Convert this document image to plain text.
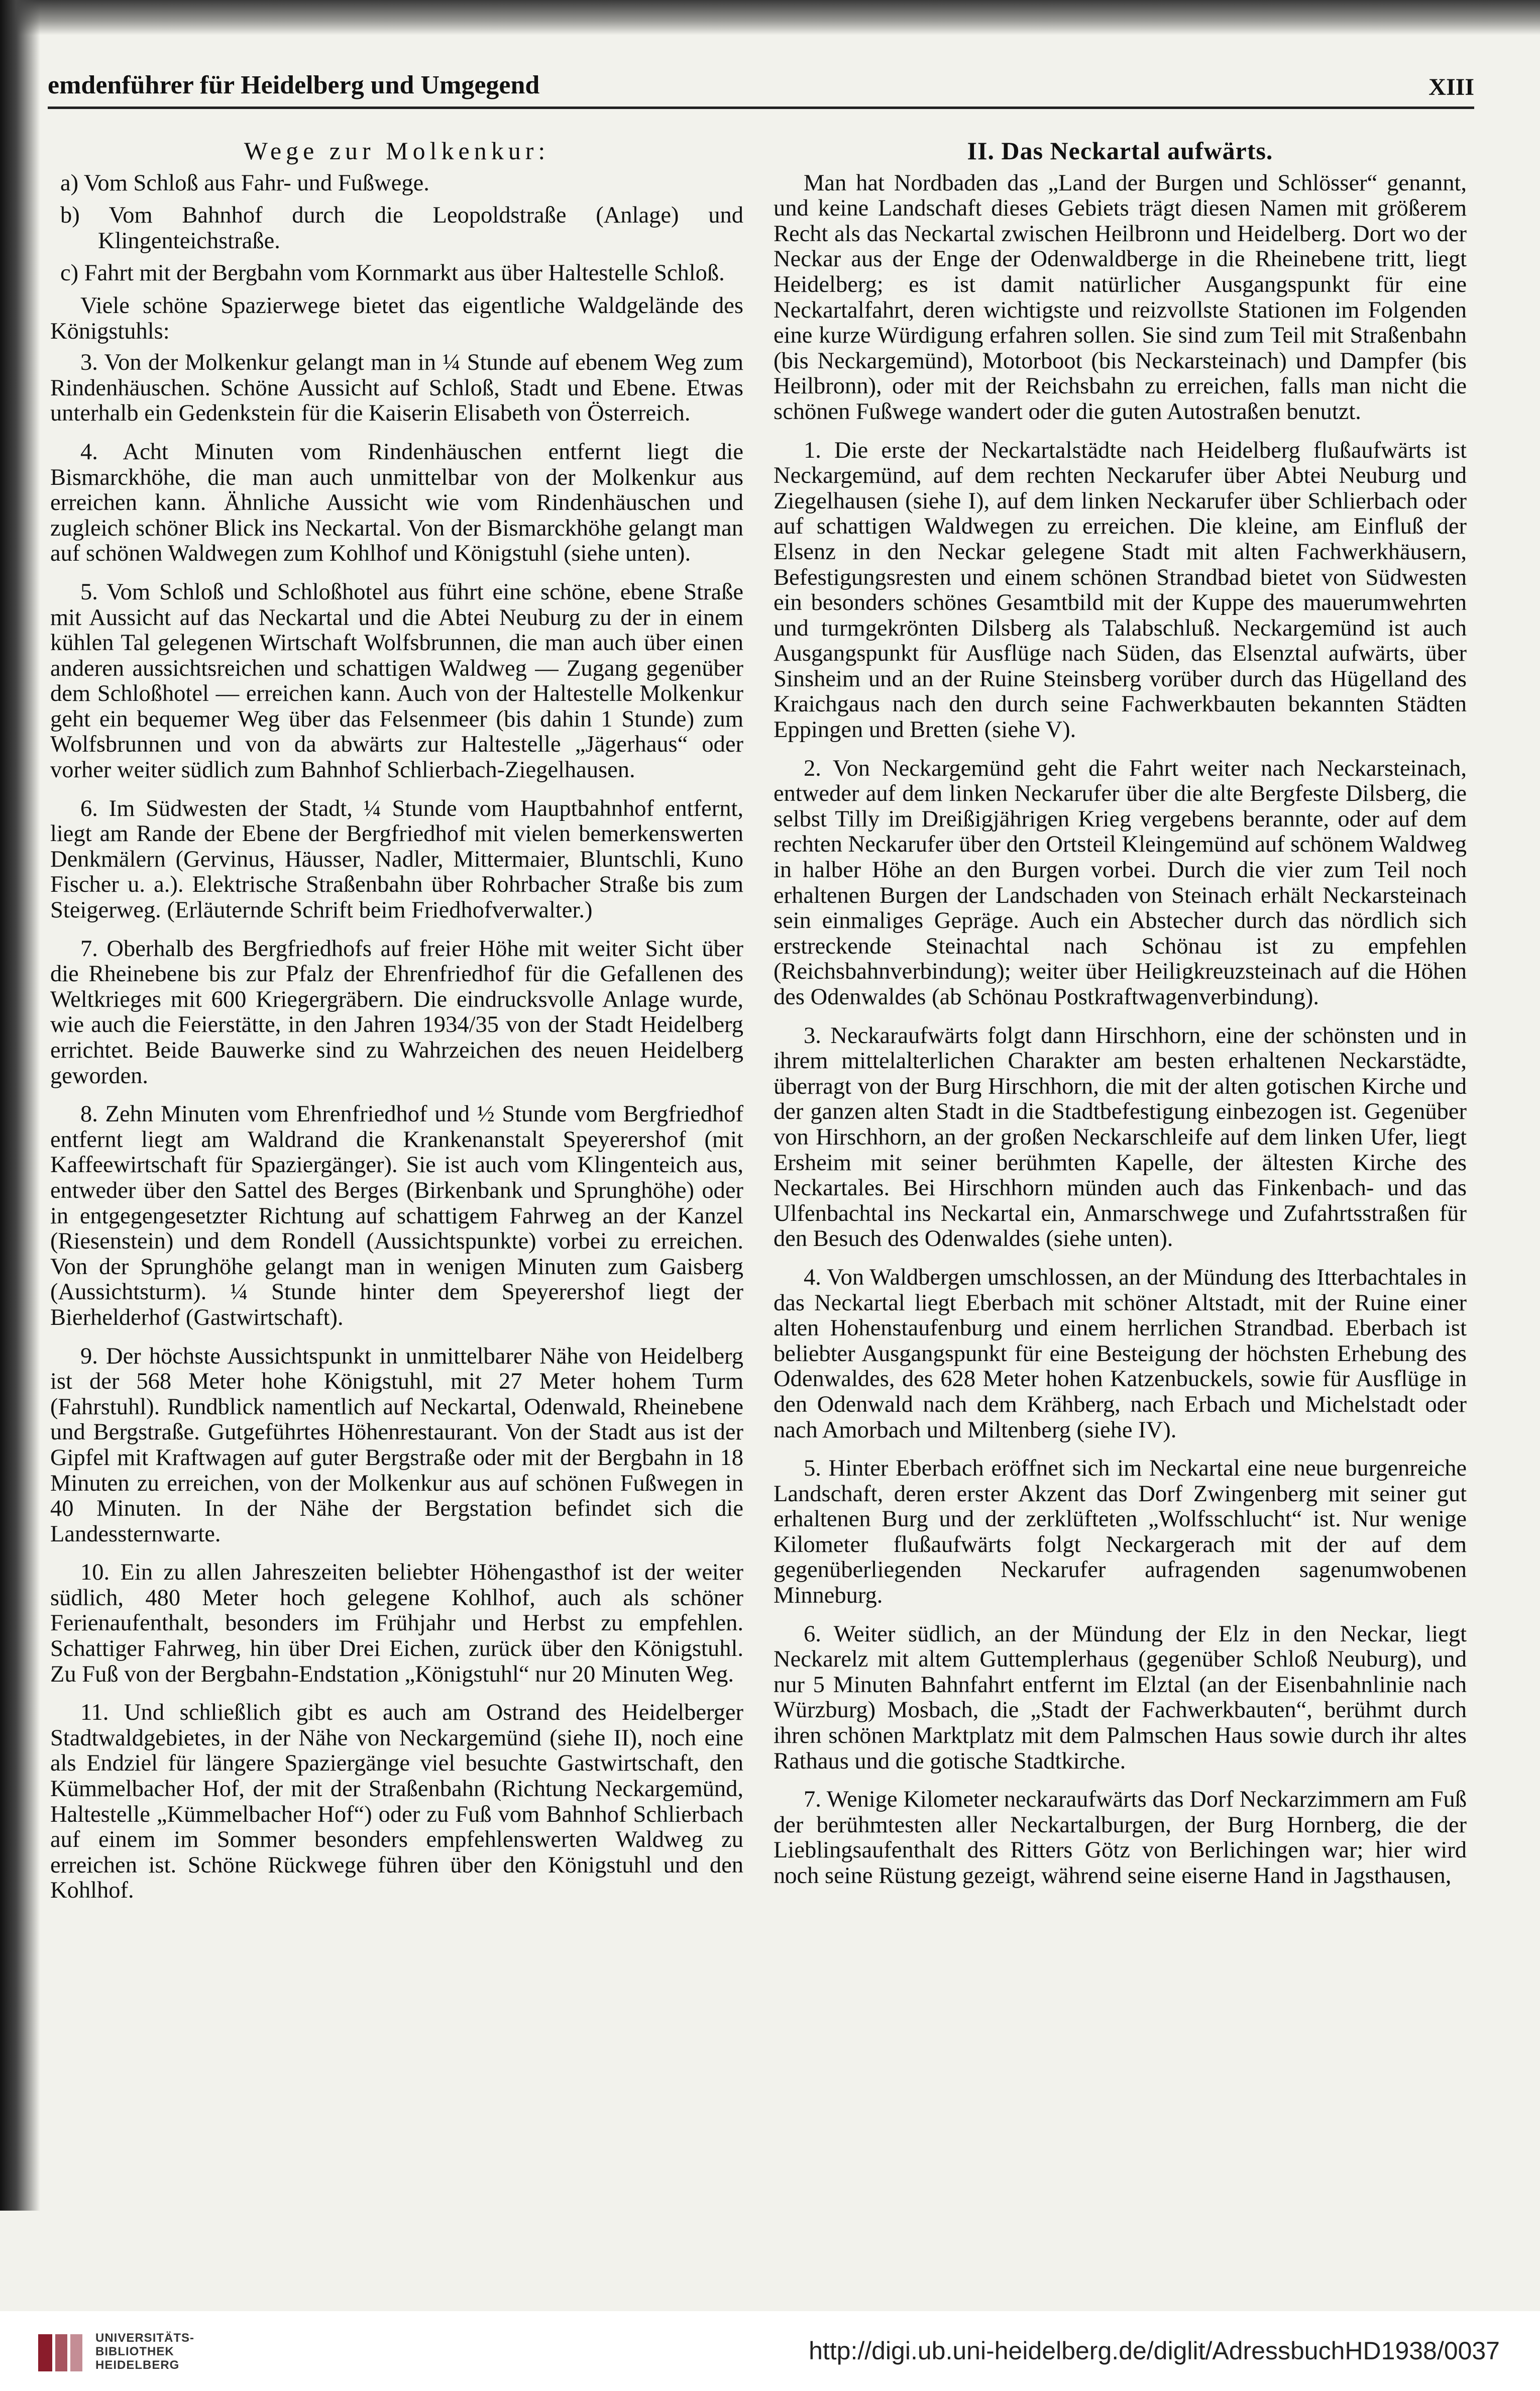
emdenführer für Heidelberg und Umgegend	XIII
Wege zur Molkenkur:
a) Vom Schloß aus Fahr- und Fußwege.
b) Vom Bahnhof durch die Leopoldstraße (Anlage) und Klingenteichstraße.
c) Fahrt mit der Bergbahn vom Kornmarkt aus über Haltestelle Schloß.

Viele schöne Spazierwege bietet das eigentliche Waldgelände des Königstuhls:

3. Von der Molkenkur gelangt man in ¼ Stunde auf ebenem Weg zum Rindenhäuschen. Schöne Aussicht auf Schloß, Stadt und Ebene. Etwas unterhalb ein Gedenkstein für die Kaiserin Elisabeth von Österreich.

4. Acht Minuten vom Rindenhäuschen entfernt liegt die Bismarckhöhe, die man auch unmittelbar von der Molkenkur aus erreichen kann. Ähnliche Aussicht wie vom Rindenhäuschen und zugleich schöner Blick ins Neckartal. Von der Bismarckhöhe gelangt man auf schönen Waldwegen zum Kohlhof und Königstuhl (siehe unten).

5. Vom Schloß und Schloßhotel aus führt eine schöne, ebene Straße mit Aussicht auf das Neckartal und die Abtei Neuburg zu der in einem kühlen Tal gelegenen Wirtschaft Wolfsbrunnen, die man auch über einen anderen aussichtsreichen und schattigen Waldweg — Zugang gegenüber dem Schloßhotel — erreichen kann. Auch von der Haltestelle Molkenkur geht ein bequemer Weg über das Felsenmeer (bis dahin 1 Stunde) zum Wolfsbrunnen und von da abwärts zur Haltestelle „Jägerhaus“ oder vorher weiter südlich zum Bahnhof Schlierbach-Ziegelhausen.

6. Im Südwesten der Stadt, ¼ Stunde vom Hauptbahnhof entfernt, liegt am Rande der Ebene der Bergfriedhof mit vielen bemerkenswerten Denkmälern (Gervinus, Häusser, Nadler, Mittermaier, Bluntschli, Kuno Fischer u. a.). Elektrische Straßenbahn über Rohrbacher Straße bis zum Steigerweg. (Erläuternde Schrift beim Friedhofverwalter.)

7. Oberhalb des Bergfriedhofs auf freier Höhe mit weiter Sicht über die Rheinebene bis zur Pfalz der Ehrenfriedhof für die Gefallenen des Weltkrieges mit 600 Kriegergräbern. Die eindrucksvolle Anlage wurde, wie auch die Feierstätte, in den Jahren 1934/35 von der Stadt Heidelberg errichtet. Beide Bauwerke sind zu Wahrzeichen des neuen Heidelberg geworden.

8. Zehn Minuten vom Ehrenfriedhof und ½ Stunde vom Bergfriedhof entfernt liegt am Waldrand die Krankenanstalt Speyerershof (mit Kaffeewirtschaft für Spaziergänger). Sie ist auch vom Klingenteich aus, entweder über den Sattel des Berges (Birkenbank und Sprunghöhe) oder in entgegengesetzter Richtung auf schattigem Fahrweg an der Kanzel (Riesenstein) und dem Rondell (Aussichtspunkte) vorbei zu erreichen. Von der Sprunghöhe gelangt man in wenigen Minuten zum Gaisberg (Aussichtsturm). ¼ Stunde hinter dem Speyerershof liegt der Bierhelderhof (Gastwirtschaft).

9. Der höchste Aussichtspunkt in unmittelbarer Nähe von Heidelberg ist der 568 Meter hohe Königstuhl, mit 27 Meter hohem Turm (Fahrstuhl). Rundblick namentlich auf Neckartal, Odenwald, Rheinebene und Bergstraße. Gutgeführtes Höhenrestaurant. Von der Stadt aus ist der Gipfel mit Kraftwagen auf guter Bergstraße oder mit der Bergbahn in 18 Minuten zu erreichen, von der Molkenkur aus auf schönen Fußwegen in 40 Minuten. In der Nähe der Bergstation befindet sich die Landessternwarte.

10. Ein zu allen Jahreszeiten beliebter Höhengasthof ist der weiter südlich, 480 Meter hoch gelegene Kohlhof, auch als schöner Ferienaufenthalt, besonders im Frühjahr und Herbst zu empfehlen. Schattiger Fahrweg, hin über Drei Eichen, zurück über den Königstuhl. Zu Fuß von der Bergbahn-Endstation „Königstuhl“ nur 20 Minuten Weg.

11. Und schließlich gibt es auch am Ostrand des Heidelberger Stadtwaldgebietes, in der Nähe von Neckargemünd (siehe II), noch eine als Endziel für längere Spaziergänge viel besuchte Gastwirtschaft, den Kümmelbacher Hof, der mit der Straßenbahn (Richtung Neckargemünd, Haltestelle „Kümmelbacher Hof“) oder zu Fuß vom Bahnhof Schlierbach auf einem im Sommer besonders empfehlenswerten Waldweg zu erreichen ist. Schöne Rückwege führen über den Königstuhl und den Kohlhof.

II. Das Neckartal aufwärts.

Man hat Nordbaden das „Land der Burgen und Schlösser“ genannt, und keine Landschaft dieses Gebiets trägt diesen Namen mit größerem Recht als das Neckartal zwischen Heilbronn und Heidelberg. Dort wo der Neckar aus der Enge der Odenwaldberge in die Rheinebene tritt, liegt Heidelberg; es ist damit natürlicher Ausgangspunkt für eine Neckartalfahrt, deren wichtigste und reizvollste Stationen im Folgenden eine kurze Würdigung erfahren sollen. Sie sind zum Teil mit Straßenbahn (bis Neckargemünd), Motorboot (bis Neckarsteinach) und Dampfer (bis Heilbronn), oder mit der Reichsbahn zu erreichen, falls man nicht die schönen Fußwege wandert oder die guten Autostraßen benutzt.

1. Die erste der Neckartalstädte nach Heidelberg flußaufwärts ist Neckargemünd, auf dem rechten Neckarufer über Abtei Neuburg und Ziegelhausen (siehe I), auf dem linken Neckarufer über Schlierbach oder auf schattigen Waldwegen zu erreichen. Die kleine, am Einfluß der Elsenz in den Neckar gelegene Stadt mit alten Fachwerkhäusern, Befestigungsresten und einem schönen Strandbad bietet von Südwesten ein besonders schönes Gesamtbild mit der Kuppe des mauerumwehrten und turmgekrönten Dilsberg als Talabschluß. Neckargemünd ist auch Ausgangspunkt für Ausflüge nach Süden, das Elsenztal aufwärts, über Sinsheim und an der Ruine Steinsberg vorüber durch das Hügelland des Kraichgaus nach den durch seine Fachwerkbauten bekannten Städten Eppingen und Bretten (siehe V).

2. Von Neckargemünd geht die Fahrt weiter nach Neckarsteinach, entweder auf dem linken Neckarufer über die alte Bergfeste Dilsberg, die selbst Tilly im Dreißigjährigen Krieg vergebens berannte, oder auf dem rechten Neckarufer über den Ortsteil Kleingemünd auf schönem Waldweg in halber Höhe an den Burgen vorbei. Durch die vier zum Teil noch erhaltenen Burgen der Landschaden von Steinach erhält Neckarsteinach sein einmaliges Gepräge. Auch ein Abstecher durch das nördlich sich erstreckende Steinachtal nach Schönau ist zu empfehlen (Reichsbahnverbindung); weiter über Heiligkreuzsteinach auf die Höhen des Odenwaldes (ab Schönau Postkraftwagenverbindung).

3. Neckaraufwärts folgt dann Hirschhorn, eine der schönsten und in ihrem mittelalterlichen Charakter am besten erhaltenen Neckarstädte, überragt von der Burg Hirschhorn, die mit der alten gotischen Kirche und der ganzen alten Stadt in die Stadtbefestigung einbezogen ist. Gegenüber von Hirschhorn, an der großen Neckarschleife auf dem linken Ufer, liegt Ersheim mit seiner berühmten Kapelle, der ältesten Kirche des Neckartales. Bei Hirschhorn münden auch das Finkenbach- und das Ulfenbachtal ins Neckartal ein, Anmarschwege und Zufahrtsstraßen für den Besuch des Odenwaldes (siehe unten).

4. Von Waldbergen umschlossen, an der Mündung des Itterbachtales in das Neckartal liegt Eberbach mit schöner Altstadt, mit der Ruine einer alten Hohenstaufenburg und einem herrlichen Strandbad. Eberbach ist beliebter Ausgangspunkt für eine Besteigung der höchsten Erhebung des Odenwaldes, des 628 Meter hohen Katzenbuckels, sowie für Ausflüge in den Odenwald nach dem Krähberg, nach Erbach und Michelstadt oder nach Amorbach und Miltenberg (siehe IV).

5. Hinter Eberbach eröffnet sich im Neckartal eine neue burgenreiche Landschaft, deren erster Akzent das Dorf Zwingenberg mit seiner gut erhaltenen Burg und der zerklüfteten „Wolfsschlucht“ ist. Nur wenige Kilometer flußaufwärts folgt Neckargerach mit der auf dem gegenüberliegenden Neckarufer aufragenden sagenumwobenen Minneburg.

6. Weiter südlich, an der Mündung der Elz in den Neckar, liegt Neckarelz mit altem Guttemplerhaus (gegenüber Schloß Neuburg), und nur 5 Minuten Bahnfahrt entfernt im Elztal (an der Eisenbahnlinie nach Würzburg) Mosbach, die „Stadt der Fachwerkbauten“, berühmt durch ihren schönen Marktplatz mit dem Palmschen Haus sowie durch ihr altes Rathaus und die gotische Stadtkirche.

7. Wenige Kilometer neckaraufwärts das Dorf Neckarzimmern am Fuß der berühmtesten aller Neckartalburgen, der Burg Hornberg, die der Lieblingsaufenthalt des Ritters Götz von Berlichingen war; hier wird noch seine Rüstung gezeigt, während seine eiserne Hand in Jagsthausen,

UNIVERSITÄTS-
BIBLIOTHEK
HEIDELBERG
http://digi.ub.uni-heidelberg.de/diglit/AdressbuchHD1938/0037
